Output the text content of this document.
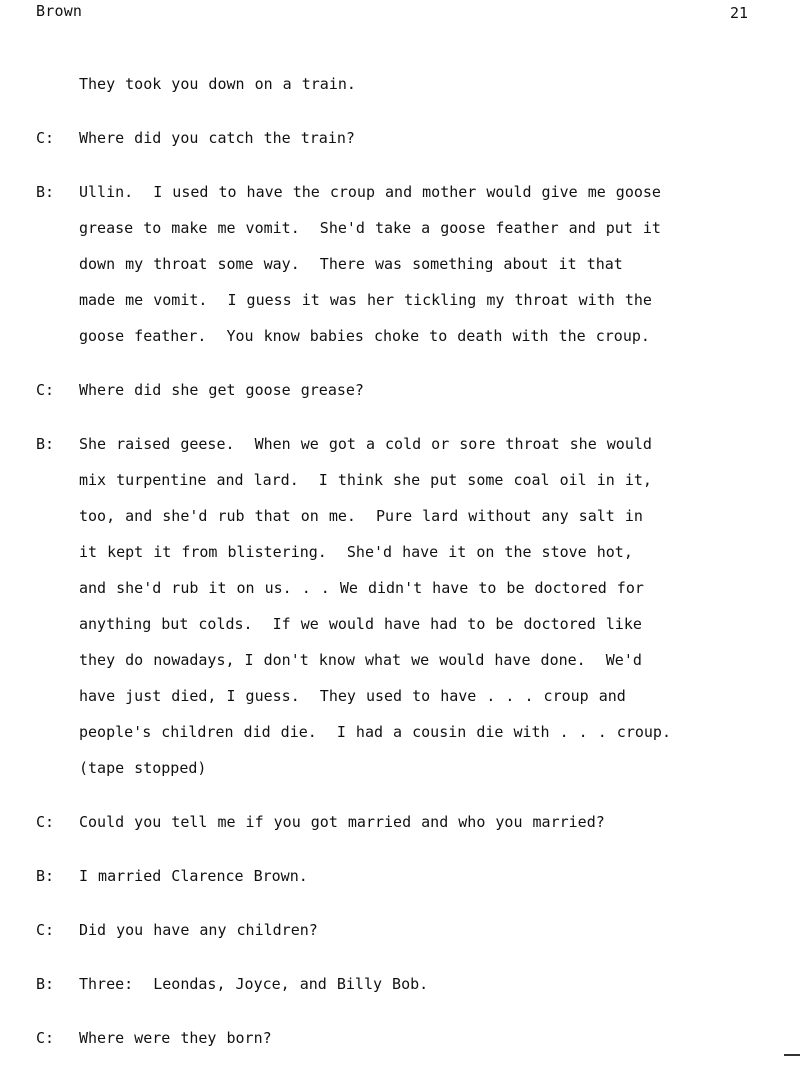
Brown	21
They took you down on a train.
C: Where did you catch the train?
B: Ullin.  I used to have the croup and mother would give me goose
grease to make me vomit.  She'd take a goose feather and put it
down my throat some way.  There was something about it that
made me vomit.  I guess it was her tickling my throat with the
goose feather.  You know babies choke to death with the croup.
C: Where did she get goose grease?
B: She raised geese.  When we got a cold or sore throat she would
mix turpentine and lard.  I think she put some coal oil in it,
too, and she'd rub that on me.  Pure lard without any salt in
it kept it from blistering.  She'd have it on the stove hot,
and she'd rub it on us. . . We didn't have to be doctored for
anything but colds.  If we would have had to be doctored like
they do nowadays, I don't know what we would have done.  We'd
have just died, I guess.  They used to have . . . croup and
people's children did die.  I had a cousin die with . . . croup.
(tape stopped)
C: Could you tell me if you got married and who you married?
B: I married Clarence Brown.
C: Did you have any children?
B: Three:  Leondas, Joyce, and Billy Bob.
C: Where were they born?
